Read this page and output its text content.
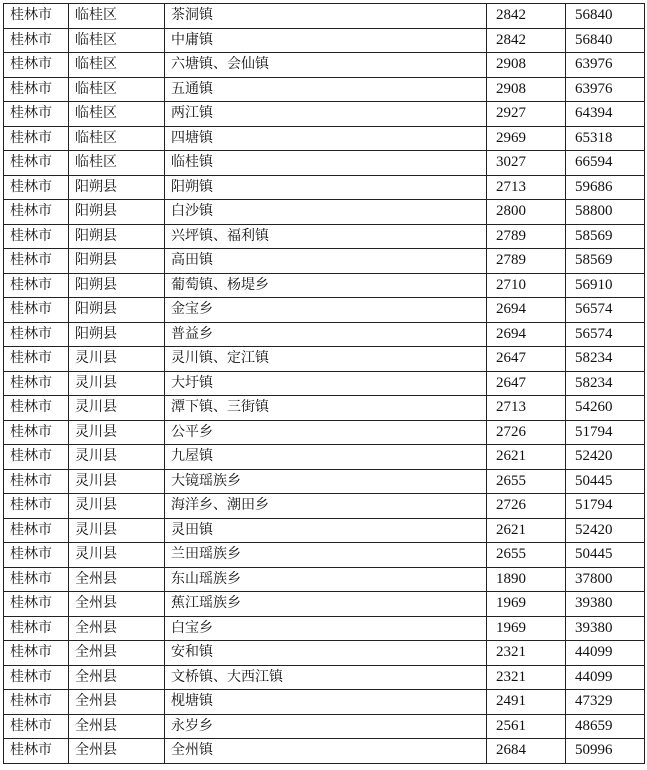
桂林市	临桂区	茶洞镇	2842	56840
桂林市	临桂区	中庸镇	2842	56840
桂林市	临桂区	六塘镇、会仙镇	2908	63976
桂林市	临桂区	五通镇	2908	63976
桂林市	临桂区	两江镇	2927	64394
桂林市	临桂区	四塘镇	2969	65318
桂林市	临桂区	临桂镇	3027	66594
桂林市	阳朔县	阳朔镇	2713	59686
桂林市	阳朔县	白沙镇	2800	58800
桂林市	阳朔县	兴坪镇、福利镇	2789	58569
桂林市	阳朔县	高田镇	2789	58569
桂林市	阳朔县	葡萄镇、杨堤乡	2710	56910
桂林市	阳朔县	金宝乡	2694	56574
桂林市	阳朔县	普益乡	2694	56574
桂林市	灵川县	灵川镇、定江镇	2647	58234
桂林市	灵川县	大圩镇	2647	58234
桂林市	灵川县	潭下镇、三街镇	2713	54260
桂林市	灵川县	公平乡	2726	51794
桂林市	灵川县	九屋镇	2621	52420
桂林市	灵川县	大镜瑶族乡	2655	50445
桂林市	灵川县	海洋乡、潮田乡	2726	51794
桂林市	灵川县	灵田镇	2621	52420
桂林市	灵川县	兰田瑶族乡	2655	50445
桂林市	全州县	东山瑶族乡	1890	37800
桂林市	全州县	蕉江瑶族乡	1969	39380
桂林市	全州县	白宝乡	1969	39380
桂林市	全州县	安和镇	2321	44099
桂林市	全州县	文桥镇、大西江镇	2321	44099
桂林市	全州县	枧塘镇	2491	47329
桂林市	全州县	永岁乡	2561	48659
桂林市	全州县	全州镇	2684	50996
